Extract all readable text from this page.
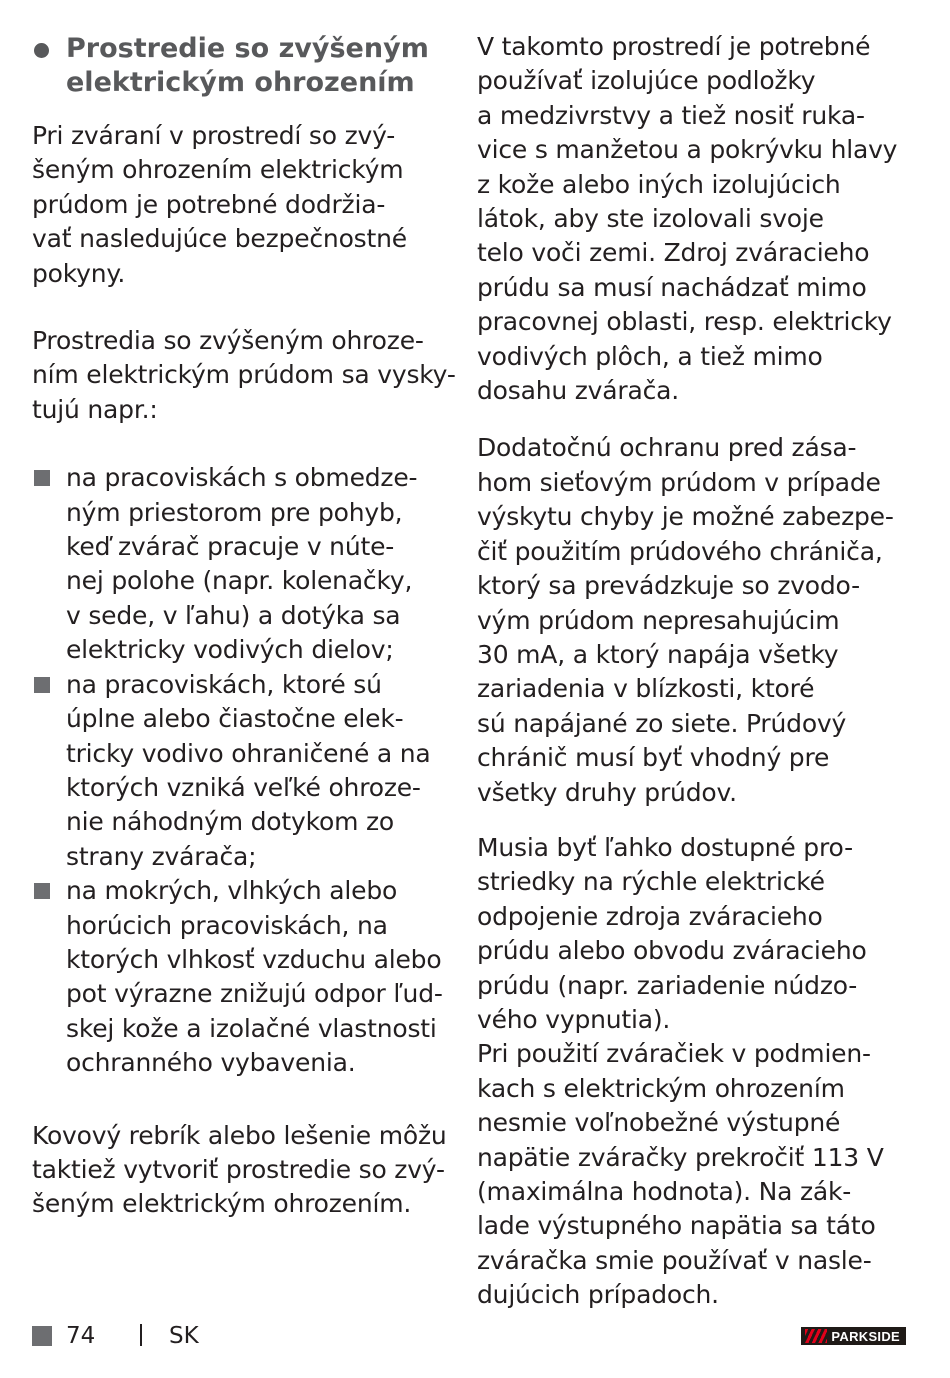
Prostredie so zvýšeným
elektrickým ohrozením
Pri zváraní v prostredí so zvý-
šeným ohrozením elektrickým
prúdom je potrebné dodržia-
vať nasledujúce bezpečnostné
pokyny.
Prostredia so zvýšeným ohroze-
ním elektrickým prúdom sa vysky-
tujú napr.:
na pracoviskách s obmedze-
ným priestorom pre pohyb,
keď zvárač pracuje v núte-
nej polohe (napr. kolenačky,
v sede, v ľahu) a dotýka sa
elektricky vodivých dielov;
na pracoviskách, ktoré sú
úplne alebo čiastočne elek-
tricky vodivo ohraničené a na
ktorých vzniká veľké ohroze-
nie náhodným dotykom zo
strany zvárača;
na mokrých, vlhkých alebo
horúcich pracoviskách, na
ktorých vlhkosť vzduchu alebo
pot výrazne znižujú odpor ľud-
skej kože a izolačné vlastnosti
ochranného vybavenia.
Kovový rebrík alebo lešenie môžu
taktiež vytvoriť prostredie so zvý-
šeným elektrickým ohrozením.
V takomto prostredí je potrebné
používať izolujúce podložky
a medzivrstvy a tiež nosiť ruka-
vice s manžetou a pokrývku hlavy
z kože alebo iných izolujúcich
látok, aby ste izolovali svoje
telo voči zemi. Zdroj zváracieho
prúdu sa musí nachádzať mimo
pracovnej oblasti, resp. elektricky
vodivých plôch, a tiež mimo
dosahu zvárača.
Dodatočnú ochranu pred zása-
hom sieťovým prúdom v prípade
výskytu chyby je možné zabezpe-
čiť použitím prúdového chrániča,
ktorý sa prevádzkuje so zvodo-
vým prúdom nepresahujúcim
30 mA, a ktorý napája všetky
zariadenia v blízkosti, ktoré
sú napájané zo siete. Prúdový
chránič musí byť vhodný pre
všetky druhy prúdov.
Musia byť ľahko dostupné pro-
striedky na rýchle elektrické
odpojenie zdroja zváracieho
prúdu alebo obvodu zváracieho
prúdu (napr. zariadenie núdzo-
vého vypnutia).
Pri použití zváračiek v podmien-
kach s elektrickým ohrozením
nesmie voľnobežné výstupné
napätie zváračky prekročiť 113 V
(maximálna hodnota). Na zák-
lade výstupného napätia sa táto
zváračka smie používať v nasle-
dujúcich prípadoch.
74	SK	PARKSIDE
